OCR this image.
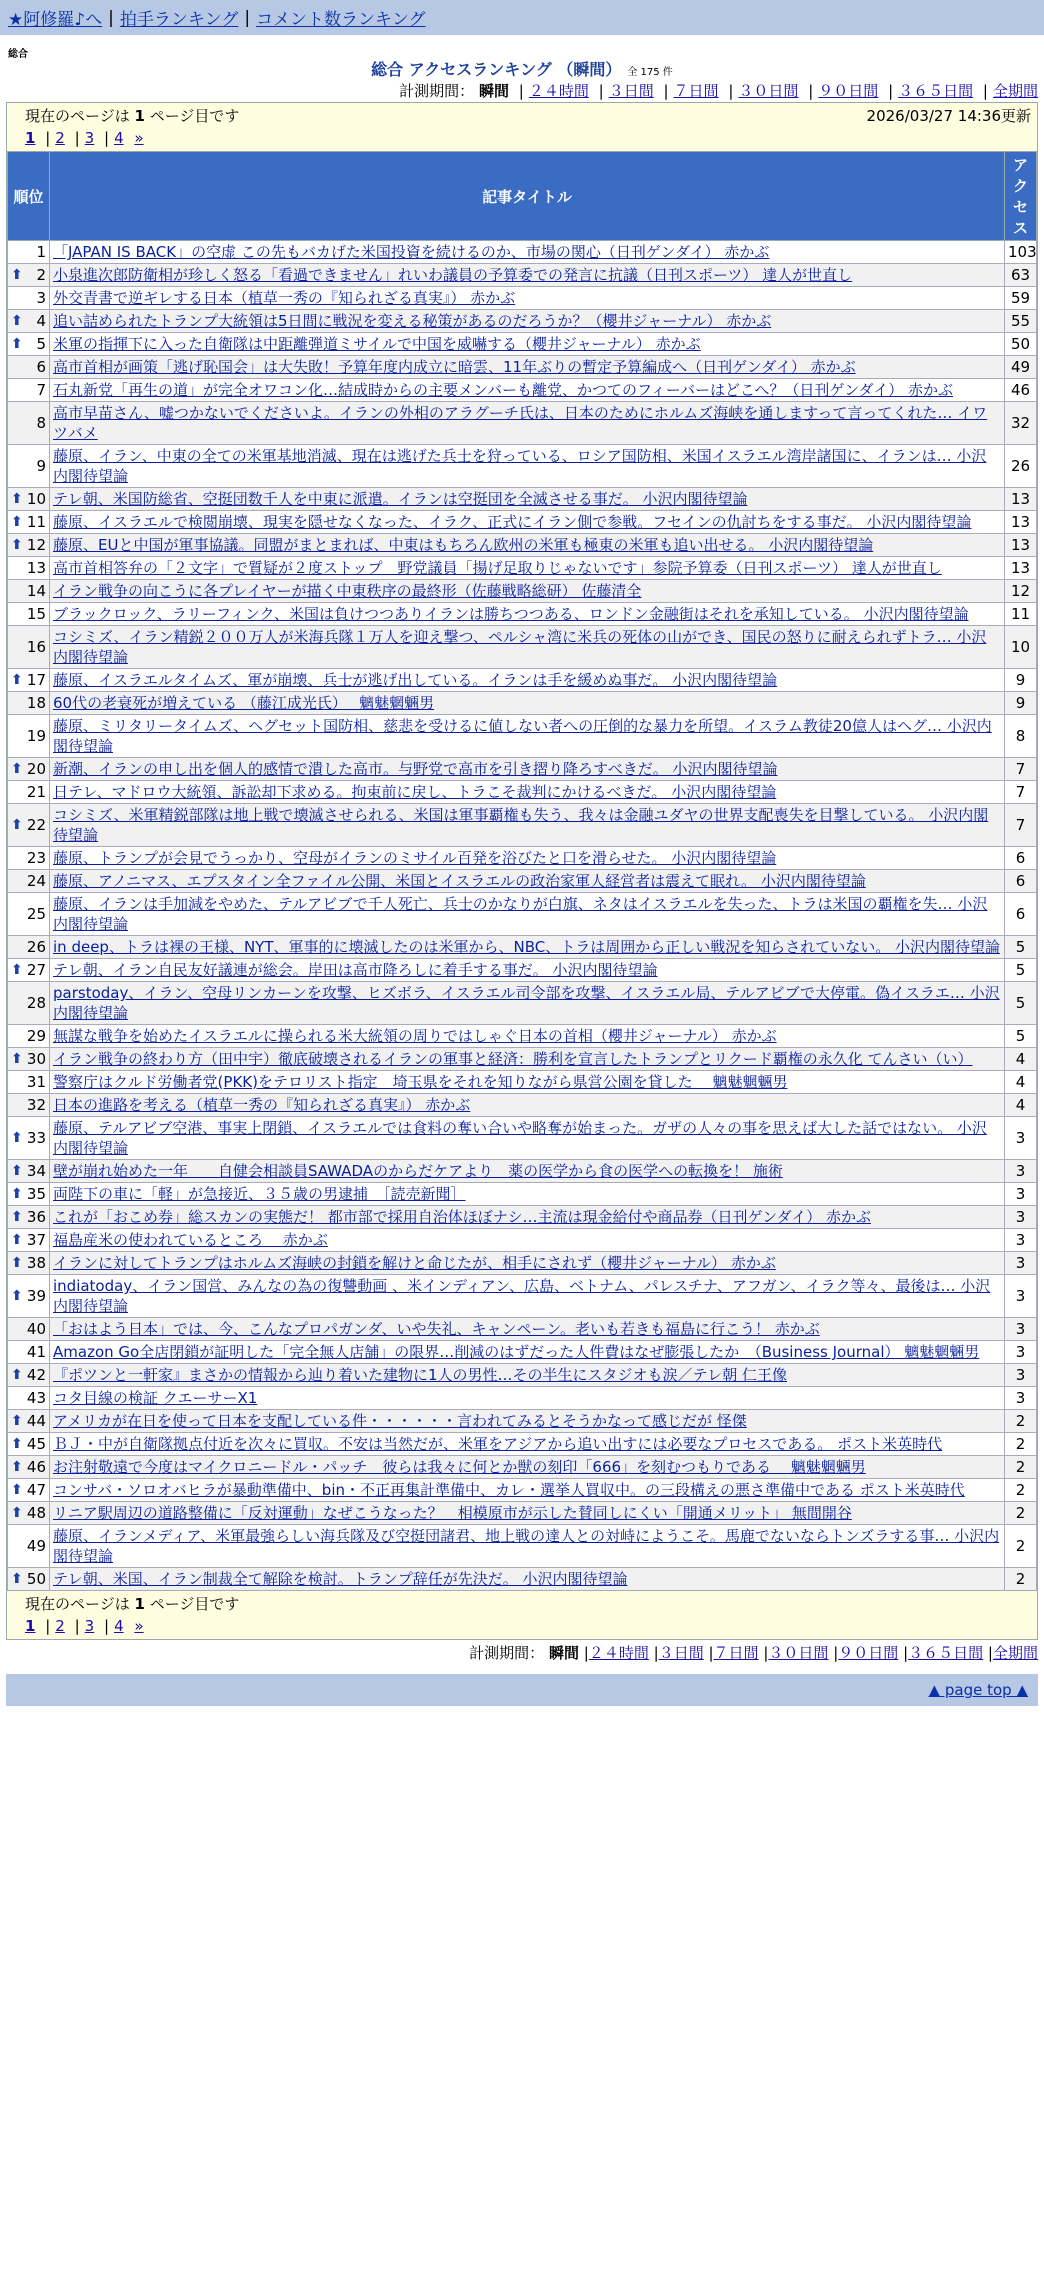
★阿修羅♪へ | 拍手ランキング | コメント数ランキング
総合
総合 アクセスランキング （瞬間） 全 175 件
計測期間： 瞬間 | ２４時間 | ３日間 | ７日間 | ３０日間 | ９０日間 | ３６５日間 | 全期間
現在のページは 1 ページ目です	2026/03/27 14:36更新
1 | 2 | 3 | 4 »
順位	記事タイトル	アクセス
1	「JAPAN IS BACK」の空虚 この先もバカげた米国投資を続けるのか、市場の関心（日刊ゲンダイ） 赤かぶ	103

⬆ 2	小泉進次郎防衛相が珍しく怒る「看過できません」れいわ議員の予算委での発言に抗議（日刊スポーツ） 達人が世直し	63
3	外交青書で逆ギレする日本（植草一秀の『知られざる真実』） 赤かぶ	59

⬆ 4	追い詰められたトランプ大統領は5日間に戦況を変える秘策があるのだろうか？（櫻井ジャーナル） 赤かぶ	55

⬆ 5	米軍の指揮下に入った自衛隊は中距離弾道ミサイルで中国を威嚇する（櫻井ジャーナル） 赤かぶ	50
6	高市首相が画策「逃げ恥国会」は大失敗！予算年度内成立に暗雲、11年ぶりの暫定予算編成へ（日刊ゲンダイ） 赤かぶ	49
7	石丸新党「再生の道」が完全オワコン化…結成時からの主要メンバーも離党、かつてのフィーバーはどこへ？（日刊ゲンダイ） 赤かぶ	46
8	高市早苗さん、嘘つかないでくださいよ。イランの外相のアラグーチ氏は、日本のためにホルムズ海峡を通しますって言ってくれた… イワツバメ	32
9	藤原、イラン、中東の全ての米軍基地消滅、現在は逃げた兵士を狩っている、ロシア国防相、米国イスラエル湾岸諸国に、イランは… 小沢内閣待望論	26

⬆ 10	テレ朝、米国防総省、空挺団数千人を中東に派遣。イランは空挺団を全滅させる事だ。 小沢内閣待望論	13

⬆ 11	藤原、イスラエルで検閲崩壊、現実を隠せなくなった、イラク、正式にイラン側で参戦。フセインの仇討ちをする事だ。 小沢内閣待望論	13

⬆ 12	藤原、EUと中国が軍事協議。同盟がまとまれば、中東はもちろん欧州の米軍も極東の米軍も追い出せる。 小沢内閣待望論	13
13	高市首相答弁の「２文字」で質疑が２度ストップ　野党議員「揚げ足取りじゃないです」参院予算委（日刊スポーツ） 達人が世直し	13
14	イラン戦争の向こうに各プレイヤーが描く中東秩序の最終形（佐藤戦略総研） 佐藤清全	12
15	ブラックロック、ラリーフィンク、米国は負けつつありイランは勝ちつつある、ロンドン金融街はそれを承知している。 小沢内閣待望論	11
16	コシミズ、イラン精鋭２００万人が米海兵隊１万人を迎え撃つ、ペルシャ湾に米兵の死体の山ができ、国民の怒りに耐えられずトラ… 小沢内閣待望論	10

⬆ 17	藤原、イスラエルタイムズ、軍が崩壊、兵士が逃げ出している。イランは手を緩めぬ事だ。 小沢内閣待望論	9
18	60代の老衰死が増えている （藤江成光氏）　 魑魅魍魎男	9
19	藤原、ミリタリータイムズ、ヘグセット国防相、慈悲を受けるに値しない者への圧倒的な暴力を所望。イスラム教徒20億人はヘグ… 小沢内閣待望論	8

⬆ 20	新潮、イランの申し出を個人的感情で潰した高市。与野党で高市を引き摺り降ろすべきだ。 小沢内閣待望論	7
21	日テレ、マドロウ大統領、訴訟却下求める。拘束前に戻し、トラこそ裁判にかけるべきだ。 小沢内閣待望論	7

⬆ 22	コシミズ、米軍精鋭部隊は地上戦で壊滅させられる、米国は軍事覇権も失う、我々は金融ユダヤの世界支配喪失を目撃している。 小沢内閣待望論	7
23	藤原、トランプが会見でうっかり、空母がイランのミサイル百発を浴びたと口を滑らせた。 小沢内閣待望論	6
24	藤原、アノニマス、エプスタイン全ファイル公開、米国とイスラエルの政治家軍人経営者は震えて眠れ。 小沢内閣待望論	6
25	藤原、イランは手加減をやめた、テルアビブで千人死亡、兵士のかなりが白旗、ネタはイスラエルを失った、トラは米国の覇権を失… 小沢内閣待望論	6
26	in deep、トラは裸の王様、NYT、軍事的に壊滅したのは米軍から、NBC、トラは周囲から正しい戦況を知らされていない。 小沢内閣待望論	5

⬆ 27	テレ朝、イラン自民友好議連が総会。岸田は高市降ろしに着手する事だ。 小沢内閣待望論	5
28	parstoday、イラン、空母リンカーンを攻撃、ヒズボラ、イスラエル司令部を攻撃、イスラエル局、テルアビブで大停電。偽イスラエ… 小沢内閣待望論	5
29	無謀な戦争を始めたイスラエルに操られる米大統領の周りではしゃぐ日本の首相（櫻井ジャーナル） 赤かぶ	5

⬆ 30	イラン戦争の終わり方（田中宇）徹底破壊されるイランの軍事と経済：勝利を宣言したトランプとリクード覇権の永久化 てんさい（い）	4
31	警察庁はクルド労働者党(PKK)をテロリスト指定　埼玉県をそれを知りながら県営公園を貸した　 魑魅魍魎男	4
32	日本の進路を考える（植草一秀の『知られざる真実』） 赤かぶ	4

⬆ 33	藤原、テルアビブ空港、事実上閉鎖、イスラエルでは食料の奪い合いや略奪が始まった。ガザの人々の事を思えば大した話ではない。 小沢内閣待望論	3

⬆ 34	壁が崩れ始めた一年　　自健会相談員SAWADAのからだケアより　薬の医学から食の医学への転換を！ 施術	3

⬆ 35	両陛下の車に「軽」が急接近、３５歳の男逮捕　［読売新聞］	3

⬆ 36	これが「おこめ券」総スカンの実態だ！ 都市部で採用自治体ほぼナシ…主流は現金給付や商品券（日刊ゲンダイ） 赤かぶ	3

⬆ 37	福島産米の使われているところ　 赤かぶ	3

⬆ 38	イランに対してトランプはホルムズ海峡の封鎖を解けと命じたが、相手にされず（櫻井ジャーナル） 赤かぶ	3

⬆ 39	indiatoday、イラン国営、みんなの為の復讐動画 、米インディアン、広島、ベトナム、パレスチナ、アフガン、イラク等々、最後は… 小沢内閣待望論	3
40	「おはよう日本」では、今、こんなプロパガンダ、いや失礼、キャンペーン。老いも若きも福島に行こう！ 赤かぶ	3
41	Amazon Go全店閉鎖が証明した「完全無人店舗」の限界…削減のはずだった人件費はなぜ膨張したか　（Business Journal） 魑魅魍魎男	3

⬆ 42	『ポツンと一軒家』まさかの情報から辿り着いた建物に1人の男性…その半生にスタジオも涙／テレ朝 仁王像	3
43	コタ目線の検証 クエーサーX1	3

⬆ 44	アメリカが在日を使って日本を支配している件・・・・・・言われてみるとそうかなって感じだが 怪傑	2

⬆ 45	ＢＪ・中が自衛隊拠点付近を次々に買収。不安は当然だが、米軍をアジアから追い出すには必要なプロセスである。 ポスト米英時代	2

⬆ 46	お注射敬遠で今度はマイクロニードル・パッチ　彼らは我々に何とか獣の刻印「666」を刻むつもりである　 魑魅魍魎男	2

⬆ 47	コンサバ・ソロオバヒラが暴動準備中、bin・不正再集計準備中、カレ・選挙人買収中。の三段構えの悪さ準備中である ポスト米英時代	2

⬆ 48	リニア駅周辺の道路整備に「反対運動」なぜこうなった？　相模原市が示した賛同しにくい「開通メリット」 無間開谷	2
49	藤原、イランメディア、米軍最強らしい海兵隊及び空挺団諸君、地上戦の達人との対峙にようこそ。馬鹿でないならトンズラする事… 小沢内閣待望論	2

⬆ 50	テレ朝、米国、イラン制裁全て解除を検討。トランプ辞任が先決だ。 小沢内閣待望論	2
現在のページは 1 ページ目です
1 | 2 | 3 | 4 »
計測期間： 瞬間 |２４時間 |３日間 |７日間 |３０日間 |９０日間 |３６５日間 |全期間
▲ page top ▲
